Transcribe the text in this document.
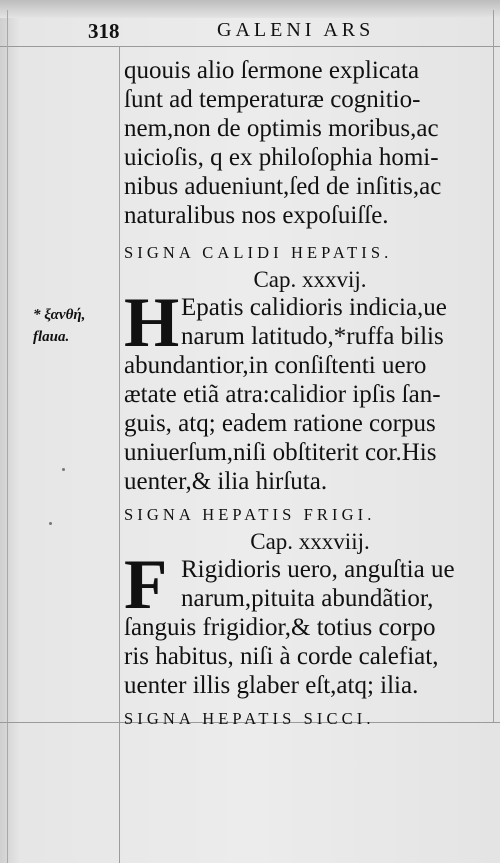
318	GALENI ARS
* ξανθή,
flaua.
quouis alio ſermone explicata
ſunt ad temperaturæ cognitio-
nem,non de optimis moribus,ac
uicioſis, q ex philoſophia homi-
nibus adueniunt,ſed de inſitis,ac
naturalibus nos expoſuiſſe.
SIGNA CALIDI HEPATIS.
Cap. xxxvij.
H Epatis calidioris indicia,ue
narum latitudo,*ruffa bilis
abundantior,in conſiſtenti uero
ætate etiã atra:calidior ipſis ſan-
guis, atq; eadem ratione corpus
uniuerſum,niſi obſtiterit cor.His
uenter,& ilia hirſuta.
SIGNA HEPATIS FRIGI.
Cap. xxxviij.
F Rigidioris uero, anguſtia ue
narum,pituita abundãtior,
ſanguis frigidior,& totius corpo
ris habitus, niſi à corde calefiat,
uenter illis glaber eſt,atq; ilia.
SIGNA HEPATIS SICCI.
